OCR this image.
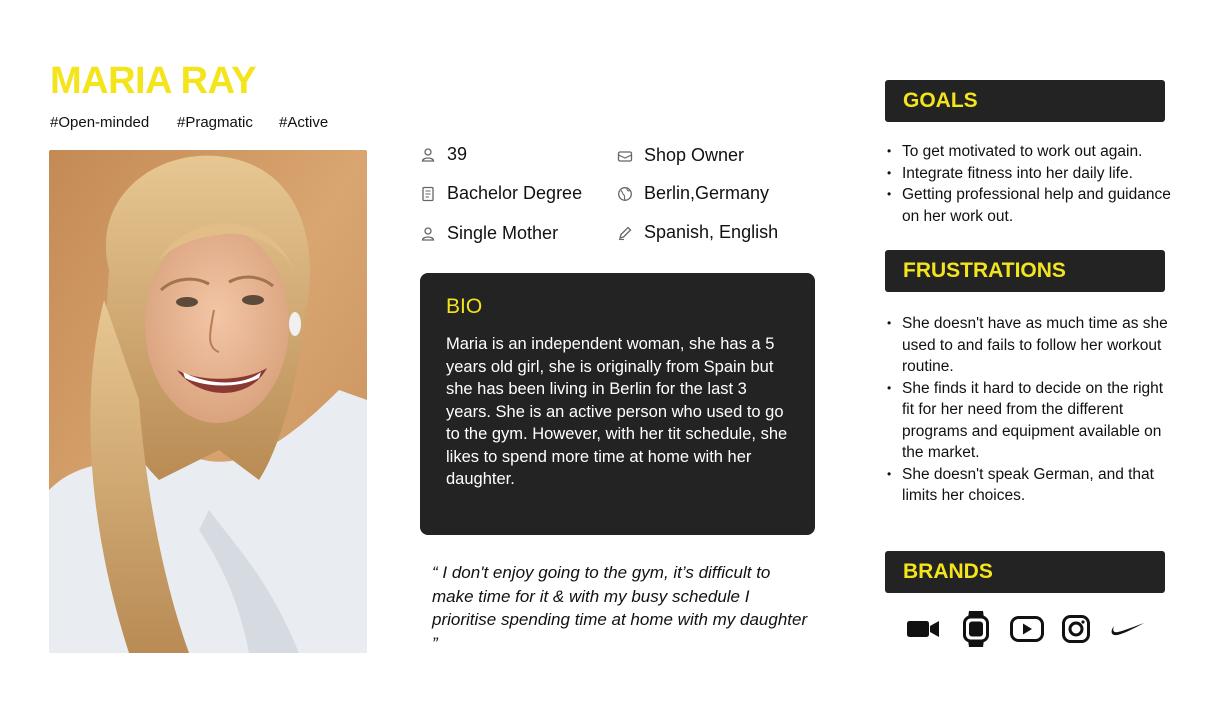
MARIA RAY
#Open-minded	#Pragmatic	#Active
39	Shop Owner
Bachelor Degree	Berlin,Germany
Single Mother	Spanish, English
BIO
Maria is an independent woman, she has a 5 years old girl, she is originally from Spain but she has been living in Berlin for the last 3 years. She is an active person who used to go to the gym. However, with her tit schedule, she likes to spend more time at home with her daughter.
“ I don't enjoy going to the gym, it’s difficult to make time for it & with my busy schedule I prioritise spending time at home with my daughter ”
GOALS
• To get motivated to work out again.
• Integrate fitness into her daily life.
• Getting professional help and guidance on her work out.
FRUSTRATIONS
• She doesn't have as much time as she used to and fails to follow her workout routine.
• She finds it hard to decide on the right fit for her need from the different programs and equipment available on the market.
• She doesn't speak German, and that limits her choices.
BRANDS
